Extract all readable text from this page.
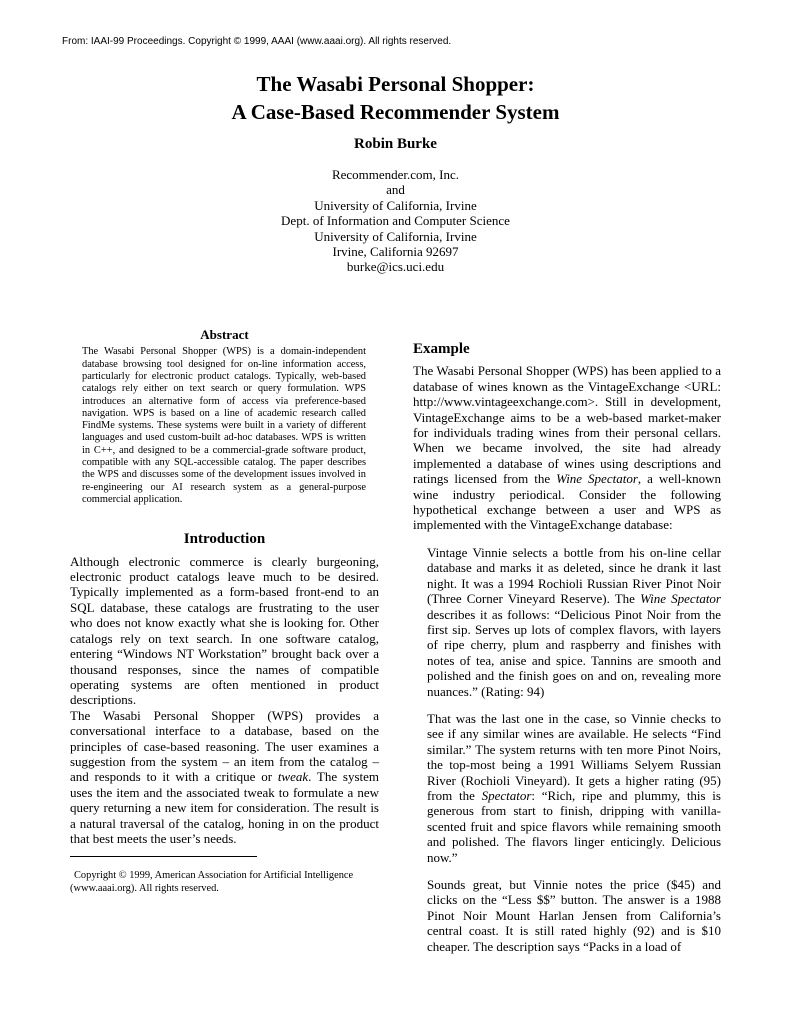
From: IAAI-99 Proceedings. Copyright © 1999, AAAI (www.aaai.org). All rights reserved.
The Wasabi Personal Shopper:
A Case-Based Recommender System
Robin Burke
Recommender.com, Inc.
and
University of California, Irvine
Dept. of Information and Computer Science
University of California, Irvine
Irvine, California 92697
burke@ics.uci.edu
Abstract

The Wasabi Personal Shopper (WPS) is a domain-independent database browsing tool designed for on-line information access, particularly for electronic product catalogs. Typically, web-based catalogs rely either on text search or query formulation. WPS introduces an alternative form of access via preference-based navigation. WPS is based on a line of academic research called FindMe systems. These systems were built in a variety of different languages and used custom-built ad-hoc databases. WPS is written in C++, and designed to be a commercial-grade software product, compatible with any SQL-accessible catalog. The paper describes the WPS and discusses some of the development issues involved in re-engineering our AI research system as a general-purpose commercial application.

Introduction

Although electronic commerce is clearly burgeoning, electronic product catalogs leave much to be desired. Typically implemented as a form-based front-end to an SQL database, these catalogs are frustrating to the user who does not know exactly what she is looking for. Other catalogs rely on text search. In one software catalog, entering “Windows NT Workstation” brought back over a thousand responses, since the names of compatible operating systems are often mentioned in product descriptions.

The Wasabi Personal Shopper (WPS) provides a conversational interface to a database, based on the principles of case-based reasoning. The user examines a suggestion from the system – an item from the catalog – and responds to it with a critique or tweak. The system uses the item and the associated tweak to formulate a new query returning a new item for consideration. The result is a natural traversal of the catalog, honing in on the product that best meets the user’s needs.

Copyright © 1999, American Association for Artificial Intelligence (www.aaai.org). All rights reserved.
Example

The Wasabi Personal Shopper (WPS) has been applied to a database of wines known as the VintageExchange <URL: http://www.vintageexchange.com>. Still in development, VintageExchange aims to be a web-based market-maker for individuals trading wines from their personal cellars. When we became involved, the site had already implemented a database of wines using descriptions and ratings licensed from the Wine Spectator, a well-known wine industry periodical. Consider the following hypothetical exchange between a user and WPS as implemented with the VintageExchange database:

Vintage Vinnie selects a bottle from his on-line cellar database and marks it as deleted, since he drank it last night. It was a 1994 Rochioli Russian River Pinot Noir (Three Corner Vineyard Reserve). The Wine Spectator describes it as follows: “Delicious Pinot Noir from the first sip. Serves up lots of complex flavors, with layers of ripe cherry, plum and raspberry and finishes with notes of tea, anise and spice. Tannins are smooth and polished and the finish goes on and on, revealing more nuances.” (Rating: 94)

That was the last one in the case, so Vinnie checks to see if any similar wines are available. He selects “Find similar.” The system returns with ten more Pinot Noirs, the top-most being a 1991 Williams Selyem Russian River (Rochioli Vineyard). It gets a higher rating (95) from the Spectator: “Rich, ripe and plummy, this is generous from start to finish, dripping with vanilla-scented fruit and spice flavors while remaining smooth and polished. The flavors linger enticingly. Delicious now.”

Sounds great, but Vinnie notes the price ($45) and clicks on the “Less $$” button. The answer is a 1988 Pinot Noir Mount Harlan Jensen from California’s central coast. It is still rated highly (92) and is $10 cheaper. The description says “Packs in a load of
